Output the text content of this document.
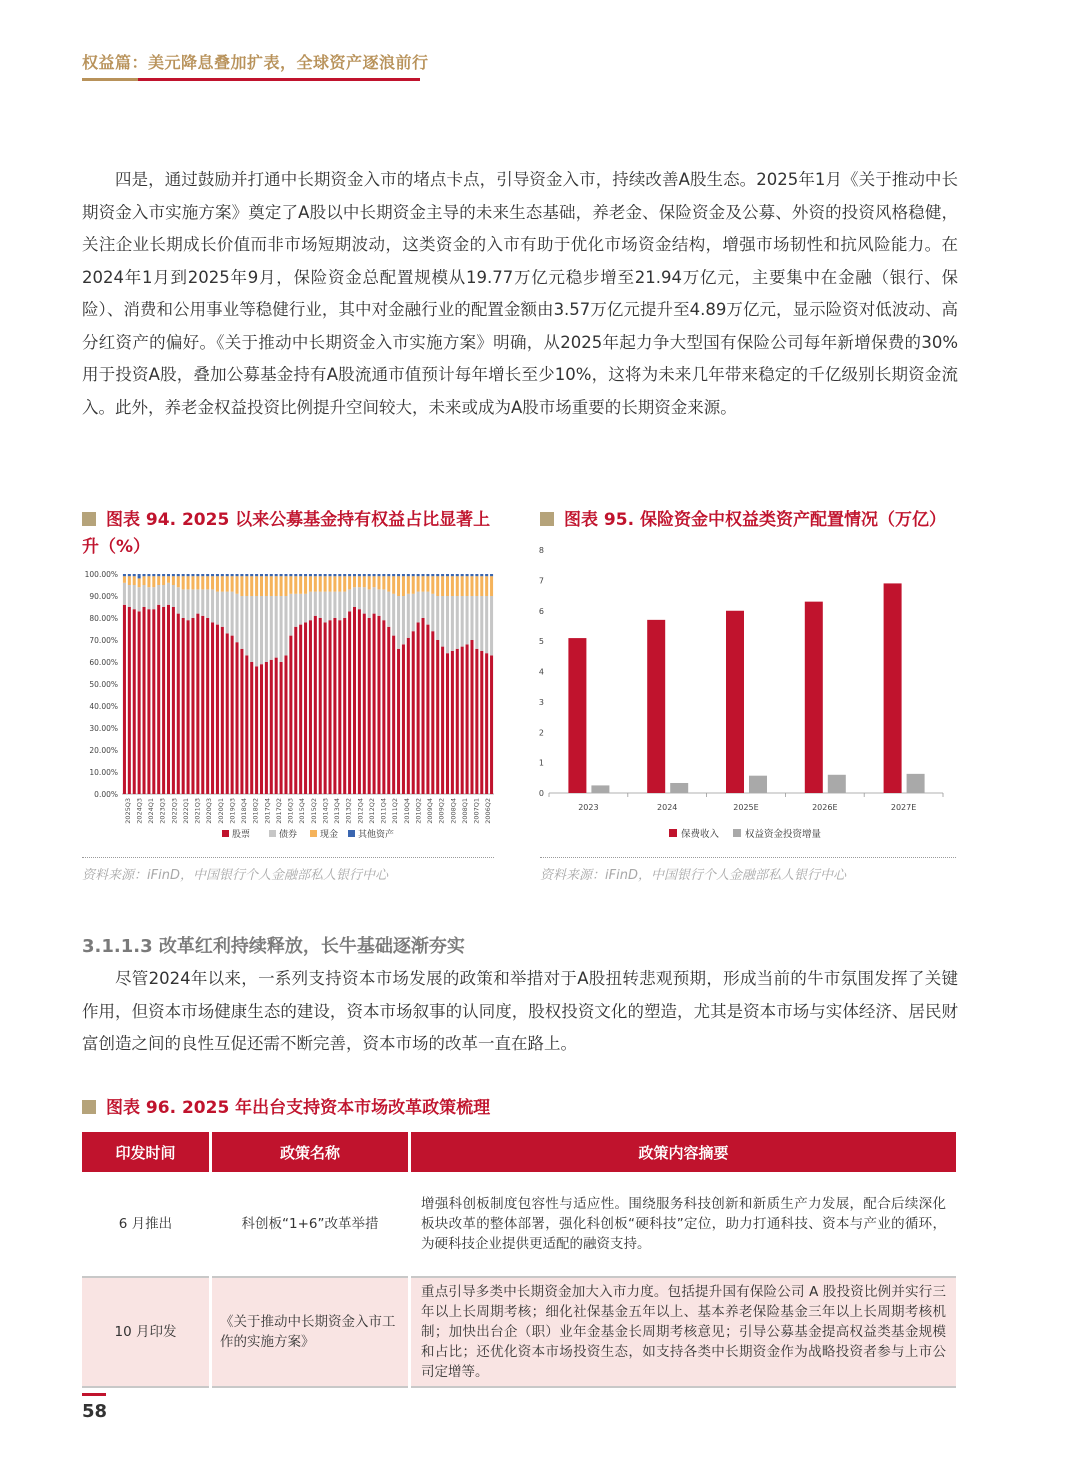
权益篇：美元降息叠加扩表，全球资产逐浪前行

四是，通过鼓励并打通中长期资金入市的堵点卡点，引导资金入市，持续改善A股生态。2025年1月《关于推动中长期资金入市实施方案》奠定了A股以中长期资金主导的未来生态基础，养老金、保险资金及公募、外资的投资风格稳健，关注企业长期成长价值而非市场短期波动，这类资金的入市有助于优化市场资金结构，增强市场韧性和抗风险能力。在2024年1月到2025年9月，保险资金总配置规模从19.77万亿元稳步增至21.94万亿元，主要集中在金融（银行、保险）、消费和公用事业等稳健行业，其中对金融行业的配置金额由3.57万亿元提升至4.89万亿元，显示险资对低波动、高分红资产的偏好。《关于推动中长期资金入市实施方案》明确，从2025年起力争大型国有保险公司每年新增保费的30%用于投资A股，叠加公募基金持有A股流通市值预计每年增长至少10%，这将为未来几年带来稳定的千亿级别长期资金流入。此外，养老金权益投资比例提升空间较大，未来或成为A股市场重要的长期资金来源。

图表 94. 2025 以来公募基金持有权益占比显著上升（%）
图表 95. 保险资金中权益类资产配置情况（万亿）
0.00%
10.00%
20.00%
30.00%
40.00%
50.00%
60.00%
70.00%
80.00%
90.00%
100.00%
2025Q3 2024Q3 2024Q1 2023Q3 2022Q3 2022Q1 2021Q3 2020Q3 2020Q1 2019Q3 2018Q4 2018Q2 2017Q4 2017Q2 2016Q3 2015Q4 2015Q2 2014Q3 2013Q4 2013Q2 2012Q4 2012Q2 2011Q4 2011Q2 2010Q4 2010Q2 2009Q4 2009Q2 2008Q4 2008Q1 2007Q1 2006Q2
股票	债券	现金 其他资产
0
1
2
3
4
5
6
7
8
2023	2024	2025E	2026E	2027E
保费收入	权益资金投资增量
资料来源：iFinD，中国银行个人金融部私人银行中心	资料来源：iFinD，中国银行个人金融部私人银行中心
3.1.1.3 改革红利持续释放，长牛基础逐渐夯实

尽管2024年以来，一系列支持资本市场发展的政策和举措对于A股扭转悲观预期，形成当前的牛市氛围发挥了关键作用，但资本市场健康生态的建设，资本市场叙事的认同度，股权投资文化的塑造，尤其是资本市场与实体经济、居民财富创造之间的良性互促还需不断完善，资本市场的改革一直在路上。

图表 96. 2025 年出台支持资本市场改革政策梳理
印发时间	政策名称	政策内容摘要
6 月推出	科创板“1+6”改革举措	增强科创板制度包容性与适应性。围绕服务科技创新和新质生产力发展，配合后续深化板块改革的整体部署，强化科创板“硬科技”定位，助力打通科技、资本与产业的循环，为硬科技企业提供更适配的融资支持。
10 月印发	《关于推动中长期资金入市工作的实施方案》	重点引导多类中长期资金加大入市力度。包括提升国有保险公司 A 股投资比例并实行三年以上长周期考核；细化社保基金五年以上、基本养老保险基金三年以上长周期考核机制；加快出台企（职）业年金基金长周期考核意见；引导公募基金提高权益类基金规模和占比；还优化资本市场投资生态，如支持各类中长期资金作为战略投资者参与上市公司定增等。
58
